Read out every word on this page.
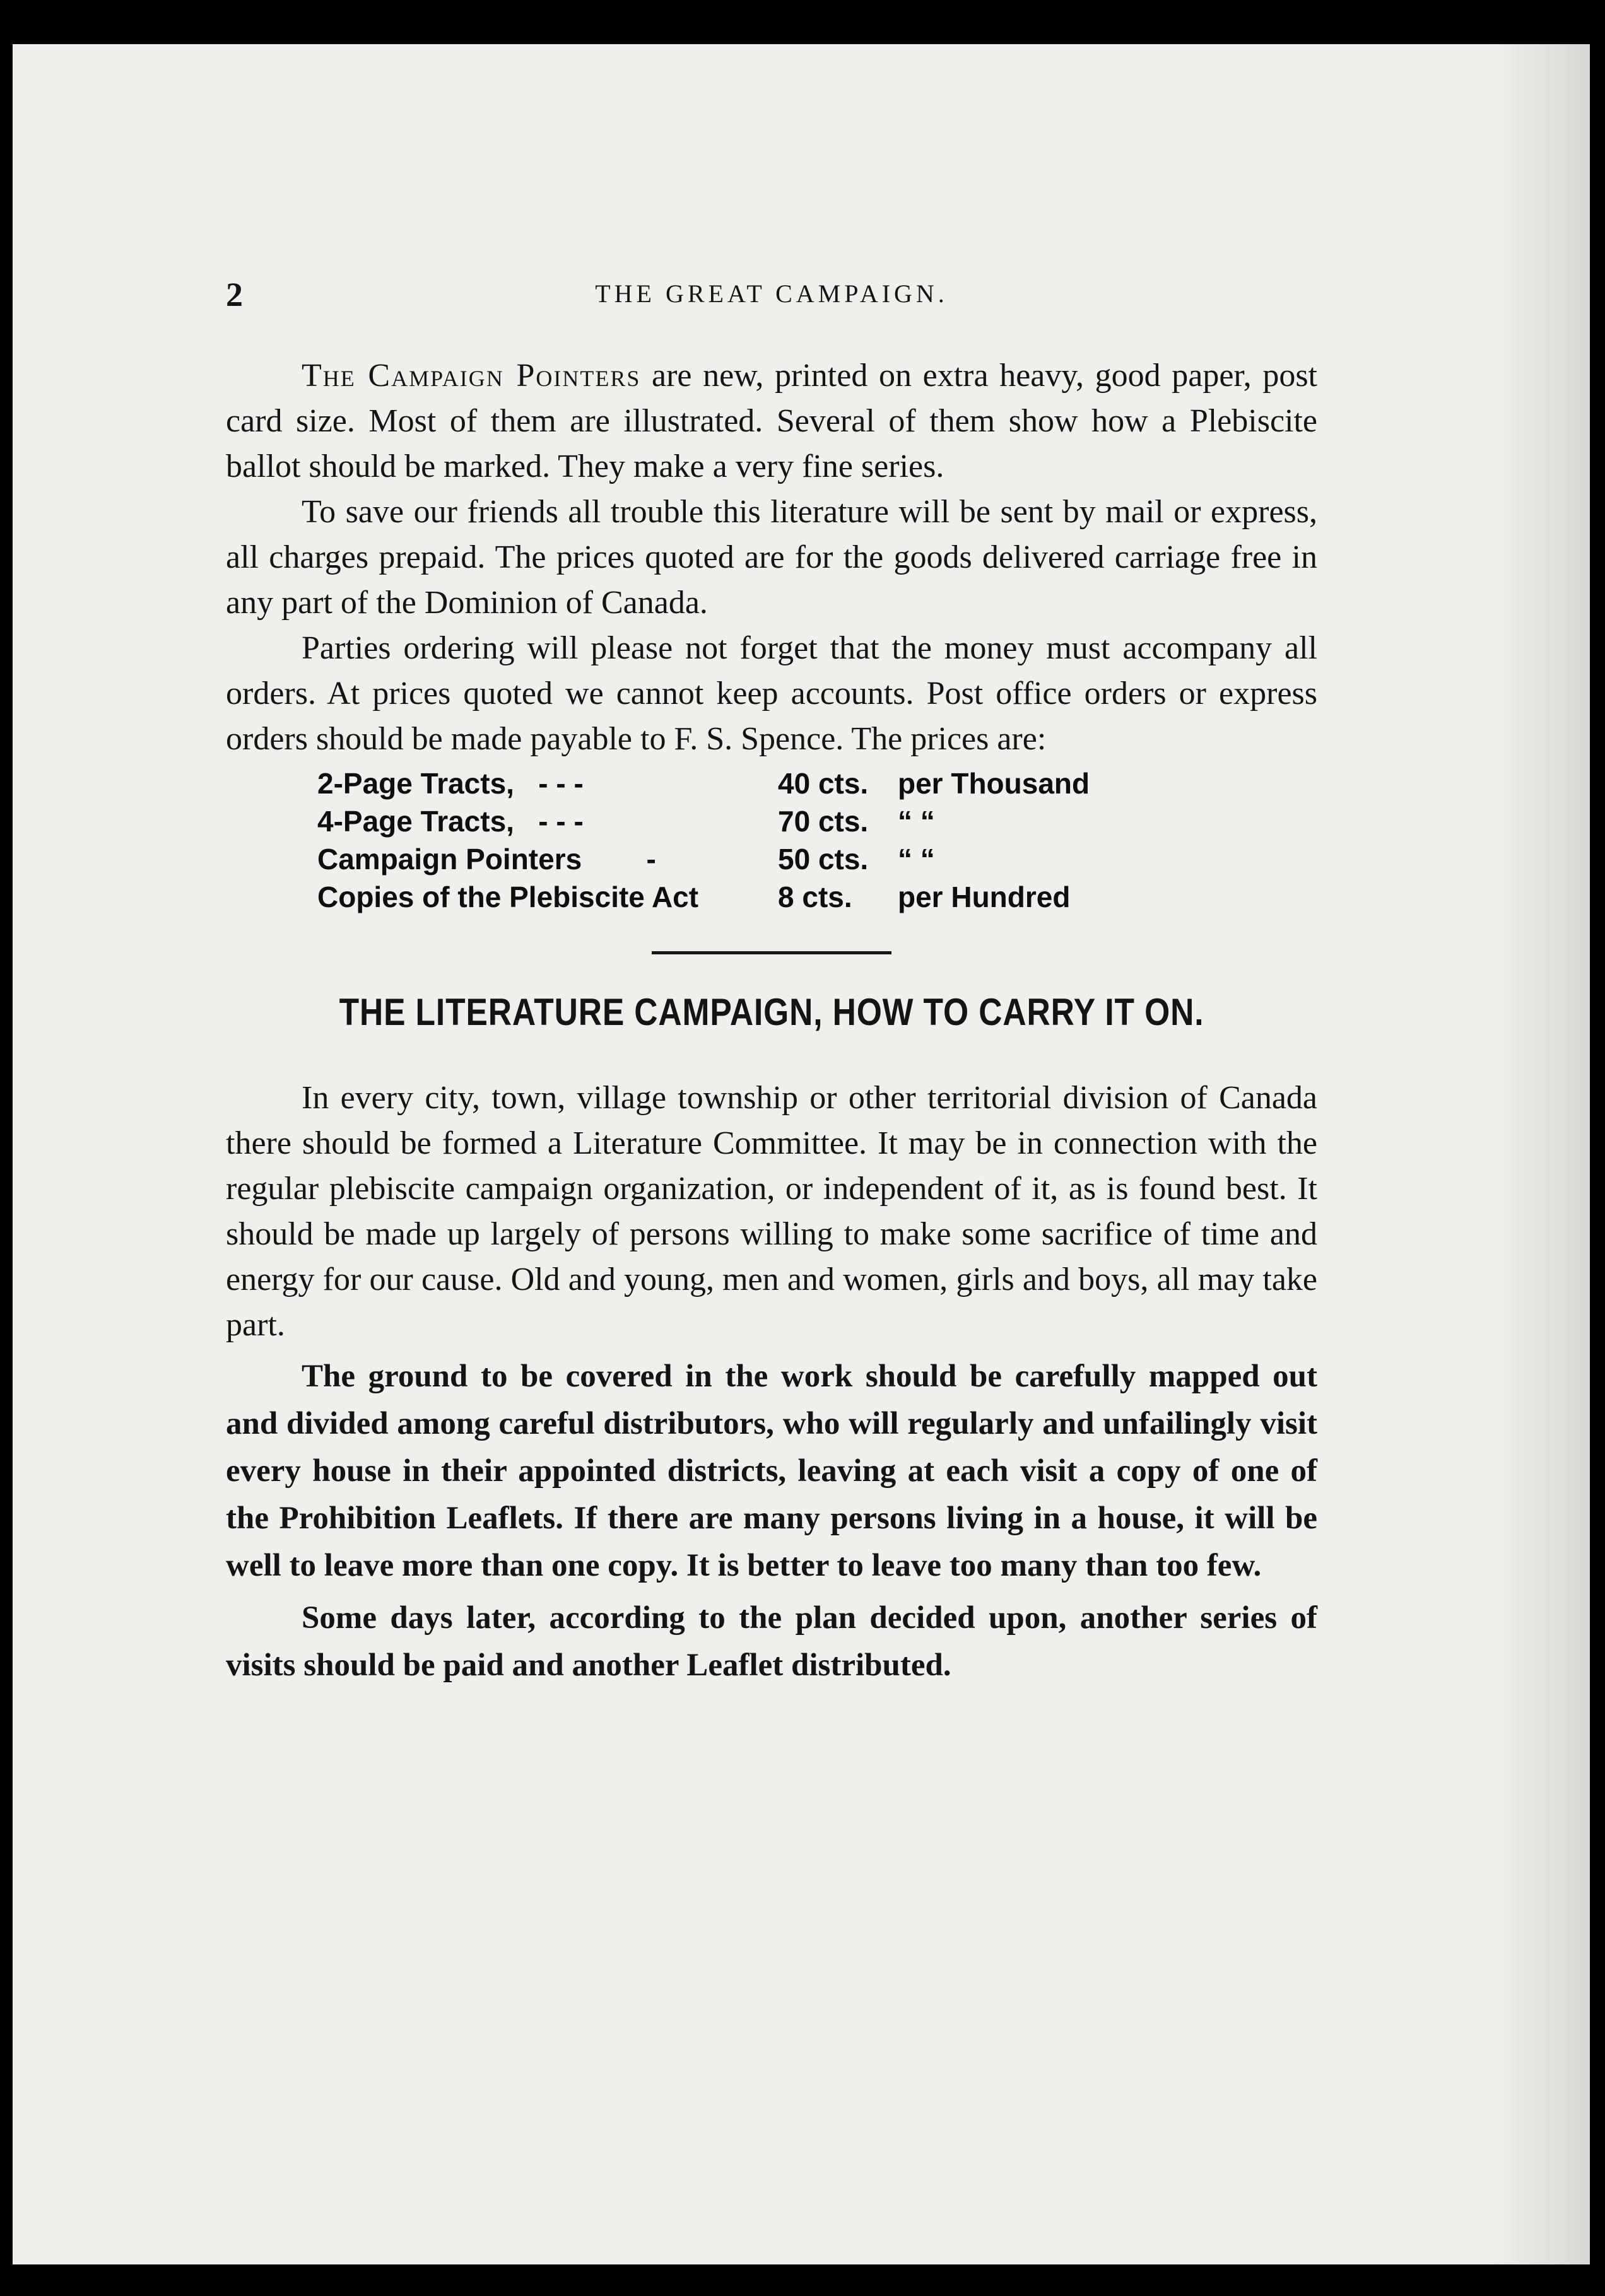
2	THE GREAT CAMPAIGN.

The Campaign Pointers are new, printed on extra heavy, good paper, post card size. Most of them are illustrated. Several of them show how a Plebiscite ballot should be marked. They make a very fine series.

To save our friends all trouble this literature will be sent by mail or express, all charges prepaid. The prices quoted are for the goods delivered carriage free in any part of the Dominion of Canada.

Parties ordering will please not forget that the money must accompany all orders. At prices quoted we cannot keep accounts. Post office orders or express orders should be made payable to F. S. Spence. The prices are:

2-Page Tracts, - - -	40 cts.	per Thousand
4-Page Tracts, - - -	70 cts.	“ “
Campaign Pointers -	50 cts.	“ “
Copies of the Plebiscite Act	8 cts.	per Hundred
THE LITERATURE CAMPAIGN, HOW TO CARRY IT ON.

In every city, town, village township or other territorial division of Canada there should be formed a Literature Committee. It may be in connection with the regular plebiscite campaign organization, or independent of it, as is found best. It should be made up largely of persons willing to make some sacrifice of time and energy for our cause. Old and young, men and women, girls and boys, all may take part.

The ground to be covered in the work should be carefully mapped out and divided among careful distributors, who will regularly and unfailingly visit every house in their appointed districts, leaving at each visit a copy of one of the Prohibition Leaflets. If there are many persons living in a house, it will be well to leave more than one copy. It is better to leave too many than too few.

Some days later, according to the plan decided upon, another series of visits should be paid and another Leaflet distributed.
